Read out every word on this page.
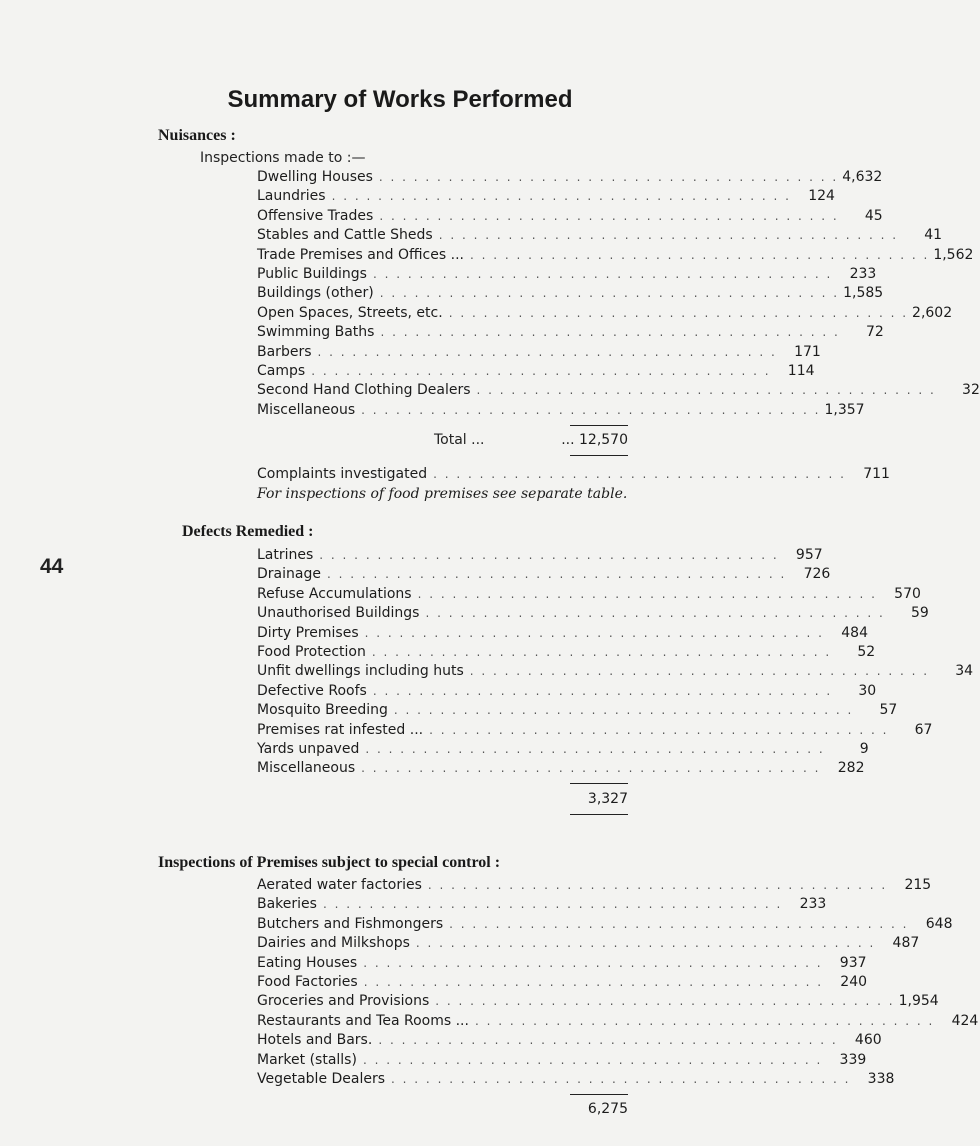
44
Summary of Works Performed
Nuisances :
Inspections made to :—
Dwelling Houses . . . . . . . . . . . . . . . . . . . . . . . . . . . . . . . . . . . . . . . . 4,632
Laundries . . . . . . . . . . . . . . . . . . . . . . . . . . . . . . . . . . . . . . . .	124
Offensive Trades . . . . . . . . . . . . . . . . . . . . . . . . . . . . . . . . . . . . . . . .	45
Stables and Cattle Sheds . . . . . . . . . . . . . . . . . . . . . . . . . . . . . . . . . . . . . . . .	41
Trade Premises and Offices ... . . . . . . . . . . . . . . . . . . . . . . . . . . . . . . . . . . . . . . . . 1,562
Public Buildings . . . . . . . . . . . . . . . . . . . . . . . . . . . . . . . . . . . . . . . .	233
Buildings (other) . . . . . . . . . . . . . . . . . . . . . . . . . . . . . . . . . . . . . . . . 1,585
Open Spaces, Streets, etc. . . . . . . . . . . . . . . . . . . . . . . . . . . . . . . . . . . . . . . . . 2,602
Swimming Baths . . . . . . . . . . . . . . . . . . . . . . . . . . . . . . . . . . . . . . . .	72
Barbers . . . . . . . . . . . . . . . . . . . . . . . . . . . . . . . . . . . . . . . .	171
Camps . . . . . . . . . . . . . . . . . . . . . . . . . . . . . . . . . . . . . . . .	114
Second Hand Clothing Dealers . . . . . . . . . . . . . . . . . . . . . . . . . . . . . . . . . . . . . . . .	32
Miscellaneous . . . . . . . . . . . . . . . . . . . . . . . . . . . . . . . . . . . . . . . . 1,357
Total ...	... 12,570
Complaints investigated . . . . . . . . . . . . . . . . . . . . . . . . . . . . . . . . . . . .	711
For inspections of food premises see separate table.
Defects Remedied :
Latrines . . . . . . . . . . . . . . . . . . . . . . . . . . . . . . . . . . . . . . . .	957
Drainage . . . . . . . . . . . . . . . . . . . . . . . . . . . . . . . . . . . . . . . .	726
Refuse Accumulations . . . . . . . . . . . . . . . . . . . . . . . . . . . . . . . . . . . . . . . .	570
Unauthorised Buildings . . . . . . . . . . . . . . . . . . . . . . . . . . . . . . . . . . . . . . . .	59
Dirty Premises . . . . . . . . . . . . . . . . . . . . . . . . . . . . . . . . . . . . . . . .	484
Food Protection . . . . . . . . . . . . . . . . . . . . . . . . . . . . . . . . . . . . . . . .	52
Unfit dwellings including huts . . . . . . . . . . . . . . . . . . . . . . . . . . . . . . . . . . . . . . . .	34
Defective Roofs . . . . . . . . . . . . . . . . . . . . . . . . . . . . . . . . . . . . . . . .	30
Mosquito Breeding . . . . . . . . . . . . . . . . . . . . . . . . . . . . . . . . . . . . . . . .	57
Premises rat infested ... . . . . . . . . . . . . . . . . . . . . . . . . . . . . . . . . . . . . . . . .	67
Yards unpaved . . . . . . . . . . . . . . . . . . . . . . . . . . . . . . . . . . . . . . . .	9
Miscellaneous . . . . . . . . . . . . . . . . . . . . . . . . . . . . . . . . . . . . . . . .	282
3,327
Inspections of Premises subject to special control :
Aerated water factories . . . . . . . . . . . . . . . . . . . . . . . . . . . . . . . . . . . . . . . .	215
Bakeries . . . . . . . . . . . . . . . . . . . . . . . . . . . . . . . . . . . . . . . .	233
Butchers and Fishmongers . . . . . . . . . . . . . . . . . . . . . . . . . . . . . . . . . . . . . . . .	648
Dairies and Milkshops . . . . . . . . . . . . . . . . . . . . . . . . . . . . . . . . . . . . . . . .	487
Eating Houses . . . . . . . . . . . . . . . . . . . . . . . . . . . . . . . . . . . . . . . .	937
Food Factories . . . . . . . . . . . . . . . . . . . . . . . . . . . . . . . . . . . . . . . .	240
Groceries and Provisions . . . . . . . . . . . . . . . . . . . . . . . . . . . . . . . . . . . . . . . . 1,954
Restaurants and Tea Rooms ... . . . . . . . . . . . . . . . . . . . . . . . . . . . . . . . . . . . . . . . .	424
Hotels and Bars. . . . . . . . . . . . . . . . . . . . . . . . . . . . . . . . . . . . . . . . .	460
Market (stalls) . . . . . . . . . . . . . . . . . . . . . . . . . . . . . . . . . . . . . . . .	339
Vegetable Dealers . . . . . . . . . . . . . . . . . . . . . . . . . . . . . . . . . . . . . . . .	338
6,275
